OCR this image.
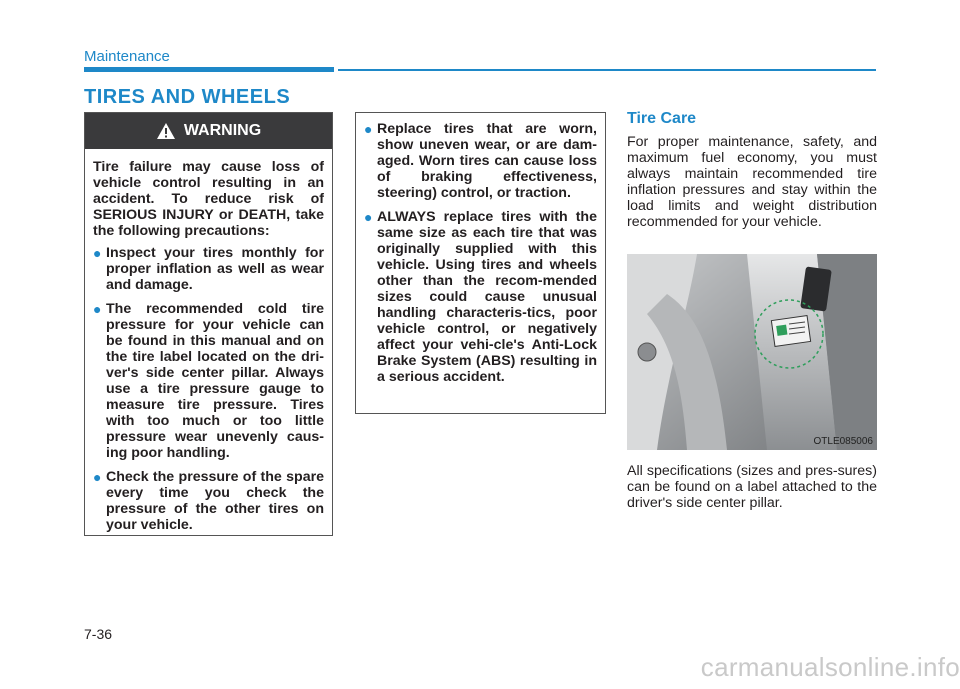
Maintenance
TIRES AND WHEELS
WARNING

Tire failure may cause loss of vehicle control resulting in an accident. To reduce risk of SERIOUS INJURY or DEATH, take the following precautions:

● Inspect your tires monthly for proper inflation as well as wear and damage.
● The recommended cold tire pressure for your vehicle can be found in this manual and on the tire label located on the dri-ver's side center pillar. Always use a tire pressure gauge to measure tire pressure. Tires with too much or too little pressure wear unevenly caus-ing poor handling.
● Check the pressure of the spare every time you check the pressure of the other tires on your vehicle.
● Replace tires that are worn, show uneven wear, or are dam-aged. Worn tires can cause loss of braking effectiveness, steering) control, or traction.
● ALWAYS replace tires with the same size as each tire that was originally supplied with this vehicle. Using tires and wheels other than the recom-mended sizes could cause unusual handling characteris-tics, poor vehicle control, or negatively affect your vehi-cle's Anti-Lock Brake System (ABS) resulting in a serious accident.
Tire Care
For proper maintenance, safety, and maximum fuel economy, you must always maintain recommended tire inflation pressures and stay within the load limits and weight distribution recommended for your vehicle.
OTLE085006
All specifications (sizes and pres-sures) can be found on a label attached to the driver's side center pillar.
7-36
carmanualsonline.info
